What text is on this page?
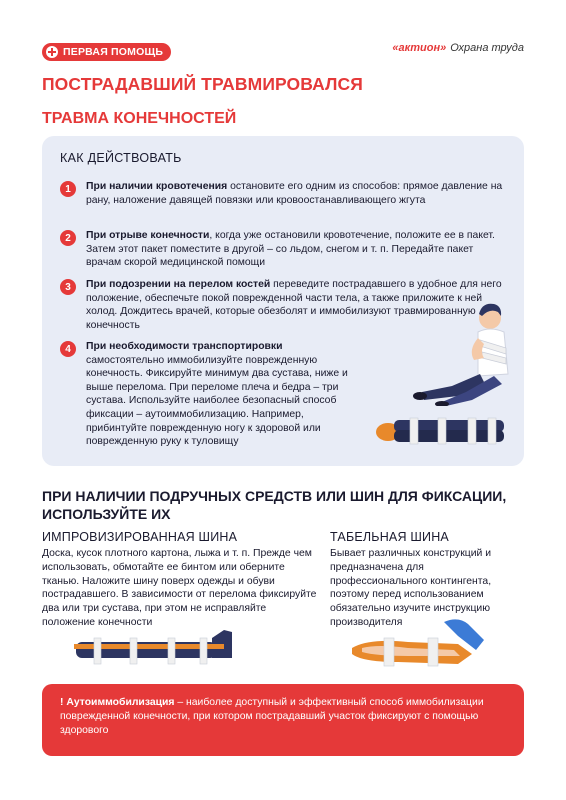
ПЕРВАЯ ПОМОЩЬ	«актион» Охрана труда
ПОСТРАДАВШИЙ ТРАВМИРОВАЛСЯ
ТРАВМА КОНЕЧНОСТЕЙ
КАК ДЕЙСТВОВАТЬ
1	При наличии кровотечения остановите его одним из способов: прямое давление на рану, наложение давящей повязки или кровоостанавливающего жгута

2	При отрыве конечности, когда уже остановили кровотечение, положите ее в пакет. Затем этот пакет поместите в другой – со льдом, снегом и т. п. Передайте пакет врачам скорой медицинской помощи

3	При подозрении на перелом костей переведите пострадавшего в удобное для него положение, обеспечьте покой поврежденной части тела, а также приложите к ней холод. Дождитесь врачей, которые обезболят и иммобилизуют травмированную конечность

4	При необходимости транспортировки самостоятельно иммобилизуйте поврежденную конечность. Фиксируйте минимум два сустава, ниже и выше перелома. При переломе плеча и бедра – три сустава. Используйте наиболее безопасный способ фиксации – аутоиммобилизацию. Например, прибинтуйте поврежденную ногу к здоровой или поврежденную руку к туловищу

ПРИ НАЛИЧИИ ПОДРУЧНЫХ СРЕДСТВ ИЛИ ШИН ДЛЯ ФИКСАЦИИ, ИСПОЛЬЗУЙТЕ ИХ
ИМПРОВИЗИРОВАННАЯ ШИНА

Доска, кусок плотного картона, лыжа и т. п. Прежде чем использовать, обмотайте ее бинтом или оберните тканью. Наложите шину поверх одежды и обуви пострадавшего. В зависимости от перелома фиксируйте два или три сустава, при этом не исправляйте положение конечности

ТАБЕЛЬНАЯ ШИНА

Бывает различных конструкций и предназначена для профессионального контингента, поэтому перед использованием обязательно изучите инструкцию производителя

! Аутоиммобилизация – наиболее доступный и эффективный способ иммобилизации поврежденной конечности, при котором пострадавший участок фиксируют с помощью здорового
